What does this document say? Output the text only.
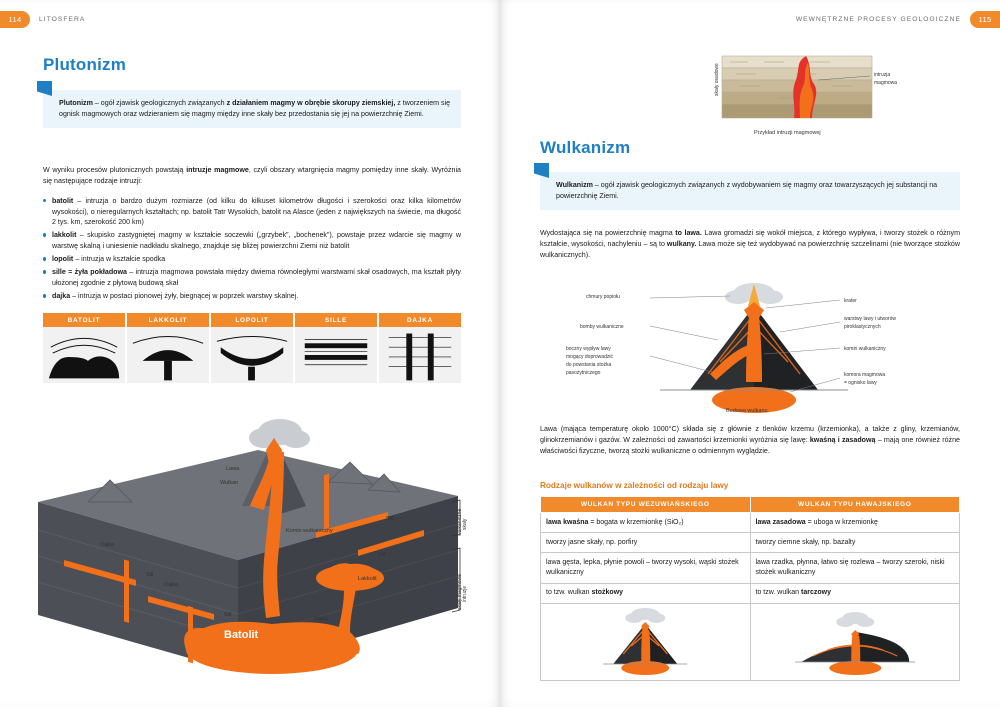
114	LITOSFERA
Plutonizm
Plutonizm – ogół zjawisk geologicznych związanych z działaniem magmy w obrębie skorupy ziemskiej, z tworzeniem się ognisk magmowych oraz wdzieraniem się magmy między inne skały bez przedostania się jej na powierzchnię Ziemi.

W wyniku procesów plutonicznych powstają intruzje magmowe, czyli obszary wtargnięcia magmy pomiędzy inne skały. Wyróżnia się następujące rodzaje intruzji:

batolit – intruzja o bardzo dużym rozmiarze (od kilku do kilkuset kilometrów długości i szerokości oraz kilka kilometrów wysokości), o nieregularnych kształtach; np. batolit Tatr Wysokich, batolit na Alasce (jeden z największych na świecie, ma długość 2 tys. km, szerokość 200 km)
lakkolit – skupisko zastygniętej magmy w kształcie soczewki („grzybek”, „bochenek”), powstaje przez wdarcie się magmy w warstwę skalną i uniesienie nadkładu skalnego, znajduje się bliżej powierzchni Ziemi niż batolit
lopolit – intruzja w kształcie spodka
sille = żyła pokładowa – intruzja magmowa powstała między dwiema równoległymi warstwami skał osadowych, ma kształt płyty ułożonej zgodnie z płytową budową skał
dajka – intruzja w postaci pionowej żyły, biegnącej w poprzek warstwy skalnej.
BATOLIT	LAKKOLIT	LOPOLIT	SILLE	DAJKA
Lawa
Wulkan
Komin wulkaniczny
Lakkolit
Sill
Sill
Sill
Sill
Dajka
Dajka
Dajka
Batolit
skały
wulkaniczne
intruzje
skały magmowe
WEWNĘTRZNE PROCESY GEOLOGICZNE	115
skały osadowe	intruzja
magmowa
Przykład intruzji magmowej
Wulkanizm
Wulkanizm – ogół zjawisk geologicznych związanych z wydobywaniem się magmy oraz towarzyszących jej substancji na powierzchnię Ziemi.

Wydostająca się na powierzchnię magma to lawa. Lawa gromadzi się wokół miejsca, z którego wypływa, i tworzy stożek o różnym kształcie, wysokości, nachyleniu – są to wulkany. Lawa może się też wydobywać na powierzchnię szczelinami (nie tworzące stożków wulkanicznych).

chmury popiołu
bomby wulkaniczne
boczny wypływ lawy
mogący doprowadzić
do powstania stożka
pasożytniczego
krater
warstwy lawy i utworów
piroklastycznych
komin wulkaniczny
komora magmowa
= ognisko lawy
Budowa wulkanu

Lawa (mająca temperaturę około 1000°C) składa się z głównie z tlenków krzemu (krzemionka), a także z gliny, krzemianów, glinokrzemianów i gazów. W zależności od zawartości krzemionki wyróżnia się lawę: kwaśną i zasadową – mają one również różne właściwości fizyczne, tworzą stożki wulkaniczne o odmiennym wyglądzie.

Rodzaje wulkanów w zależności od rodzaju lawy
WULKAN TYPU WEZUWIAŃSKIEGO	WULKAN TYPU HAWAJSKIEGO
lawa kwaśna = bogata w krzemionkę (SiO₂)	lawa zasadowa = uboga w krzemionkę
tworzy jasne skały, np. porfiry	tworzy ciemne skały, np. bazalty
lawa gęsta, lepka, płynie powoli – tworzy wysoki, wąski stożek wulkaniczny	lawa rzadka, płynna, łatwo się rozlewa – tworzy szeroki, niski stożek wulkaniczny
to tzw. wulkan stożkowy	to tzw. wulkan tarczowy
